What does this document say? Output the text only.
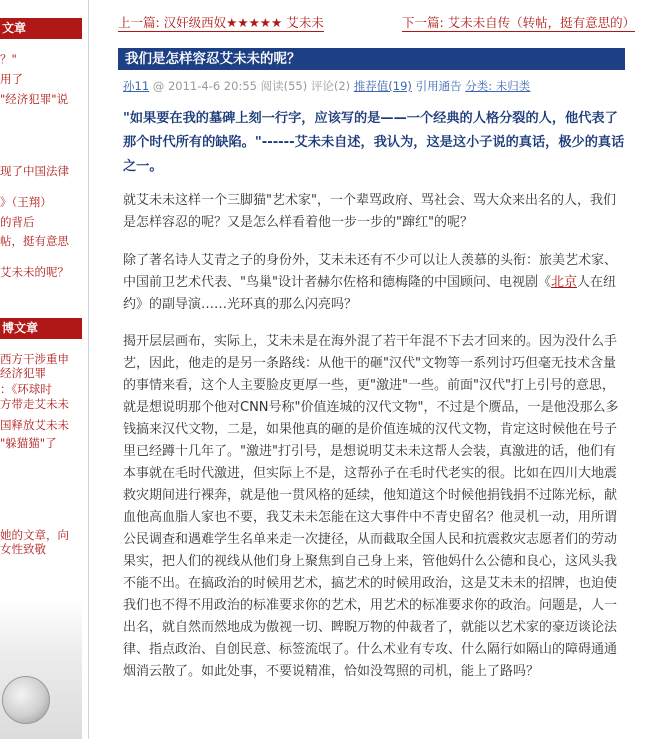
文章
？"
用了
"经济犯罪"说
现了中国法律
》（王翔）
的背后
帖，挺有意思
艾未未的呢？
博文章
西方干涉重申
经济犯罪
：《环球时
方带走艾未未
国释放艾未未
"躲猫猫"了
她的文章，向
女性致敬
上一篇: 汉奸级西奴★★★★★ 艾未未	下一篇: 艾未未自传（转帖，挺有意思的）
我们是怎样容忍艾未未的呢？
孙11 @ 2011-4-6 20:55 阅读(55) 评论(2) 推荐值(19) 引用通告 分类: 未归类
"如果要在我的墓碑上刻一行字，应该写的是——一个经典的人格分裂的人，他代表了那个时代所有的缺陷。"------艾未未自述，我认为，这是这小子说的真话，极少的真话之一。
就艾未未这样一个三脚猫"艺术家"，一个辈骂政府、骂社会、骂大众来出名的人，我们是怎样容忍的呢？又是怎么样看着他一步一步的"蹿红"的呢？
除了著名诗人艾青之子的身份外，艾未未还有不少可以让人羡慕的头衔：旅美艺术家、中国前卫艺术代表、"鸟巢"设计者赫尔佐格和德梅隆的中国顾问、电视剧《北京人在纽约》的副导演……光环真的那么闪亮吗？
揭开层层画布，实际上，艾未未是在海外混了若干年混不下去才回来的。因为没什么手艺，因此，他走的是另一条路线：从他干的砸"汉代"文物等一系列讨巧但毫无技术含量的事情来看，这个人主要脸皮更厚一些，更"激进"一些。前面"汉代"打上引号的意思，就是想说明那个他对CNN号称"价值连城的汉代文物"，不过是个赝品，一是他没那么多钱搞来汉代文物，二是，如果他真的砸的是价值连城的汉代文物，肯定这时候他在号子里已经蹲十几年了。"激进"打引号，是想说明艾未未这帮人会装，真激进的话，他们有本事就在毛时代激进，但实际上不是，这帮孙子在毛时代老实的很。比如在四川大地震救灾期间进行裸奔，就是他一贯风格的延续，他知道这个时候他捐钱捐不过陈光标，献血他高血脂人家也不要，我艾未未怎能在这大事件中不青史留名？他灵机一动，用所谓公民调查和遇难学生名单来走一次捷径，从而截取全国人民和抗震救灾志愿者们的劳动果实，把人们的视线从他们身上聚焦到自己身上来，管他妈什么公德和良心，这风头我不能不出。在搞政治的时候用艺术，搞艺术的时候用政治，这是艾未未的招牌，也迫使我们也不得不用政治的标准要求你的艺术，用艺术的标准要求你的政治。问题是，人一出名，就自然而然地成为傲视一切、睥睨万物的仲裁者了，就能以艺术家的豪迈谈论法律、指点政治、自创民意、标签流氓了。什么术业有专攻、什么隔行如隔山的障碍通通烟消云散了。如此处事，不要说精准，恰如没驾照的司机，能上了路吗？
